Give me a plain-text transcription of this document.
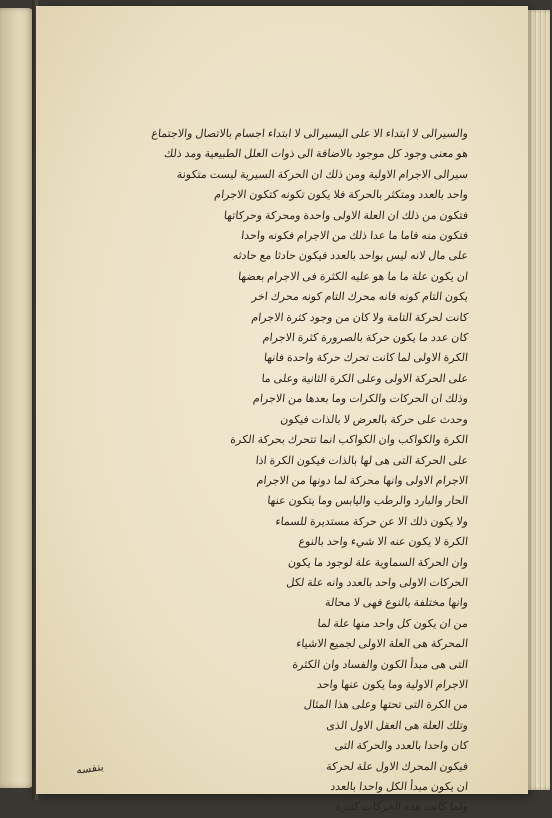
والسيرالى لا ابتداء الا على اليسيرالى لا ابتداء اجسام بالاتصال والاجتماع
هو معنى وجود كل موجود بالاضافة الى ذوات العلل الطبيعية ومد ذلك
سيرالى الاجرام الاولية ومن ذلك ان الحركة السيرية ليست متكونة
واحد بالعدد ومتكثر بالحركة فلا يكون تكونه كتكون الاجرام
فتكون من ذلك ان العلة الاولى واحدة ومحركة وحركاتها
فتكون منه فاما ما عدا ذلك من الاجرام فكونه واحدا
على مال لانه ليس بواحد بالعدد فيكون حادثا مع حادثه
ان يكون علة ما ما هو عليه الكثرة فى الاجرام بعضها
يكون التام كونه فانه محرك التام كونه محرك اخر
كانت لحركة التامة ولا كان من وجود كثرة الاجرام
كان عدد ما يكون حركة بالصرورة كثرة الاجرام
الكرة الاولى لما كانت تحرك حركة واحدة فانها
على الحركة الاولى وعلى الكرة الثانية وعلى ما
وذلك ان الحركات والكرات وما بعدها من الاجرام
وحدث على حركة بالعرض لا بالذات فيكون
الكرة والكواكب وان الكواكب انما تتحرك بحركة الكرة
على الحركة التى هى لها بالذات فيكون الكرة اذا
الاجرام الاولى وانها محركة لما دونها من الاجرام
الحار والبارد والرطب واليابس وما يتكون عنها
ولا يكون ذلك الا عن حركة مستديرة للسماء
الكرة لا يكون عنه الا شيء واحد بالنوع
وان الحركة السماوية علة لوجود ما يكون
الحركات الاولى واحد بالعدد وانه علة لكل
وانها مختلفة بالنوع فهى لا محالة
من ان يكون كل واحد منها علة لما
المحركة هى العلة الاولى لجميع الاشياء
التى هى مبدأ الكون والفساد وان الكثرة
الاجرام الاولية وما يكون عنها واحد
من الكرة التى تحتها وعلى هذا المثال
وتلك العلة هى العقل الاول الذى
كان واحدا بالعدد والحركة التى
فيكون المحرك الاول علة لحركة
ان يكون مبدأ الكل واحدا بالعدد
ولما كانت هذه الحركات كثيرة
بنفسه
